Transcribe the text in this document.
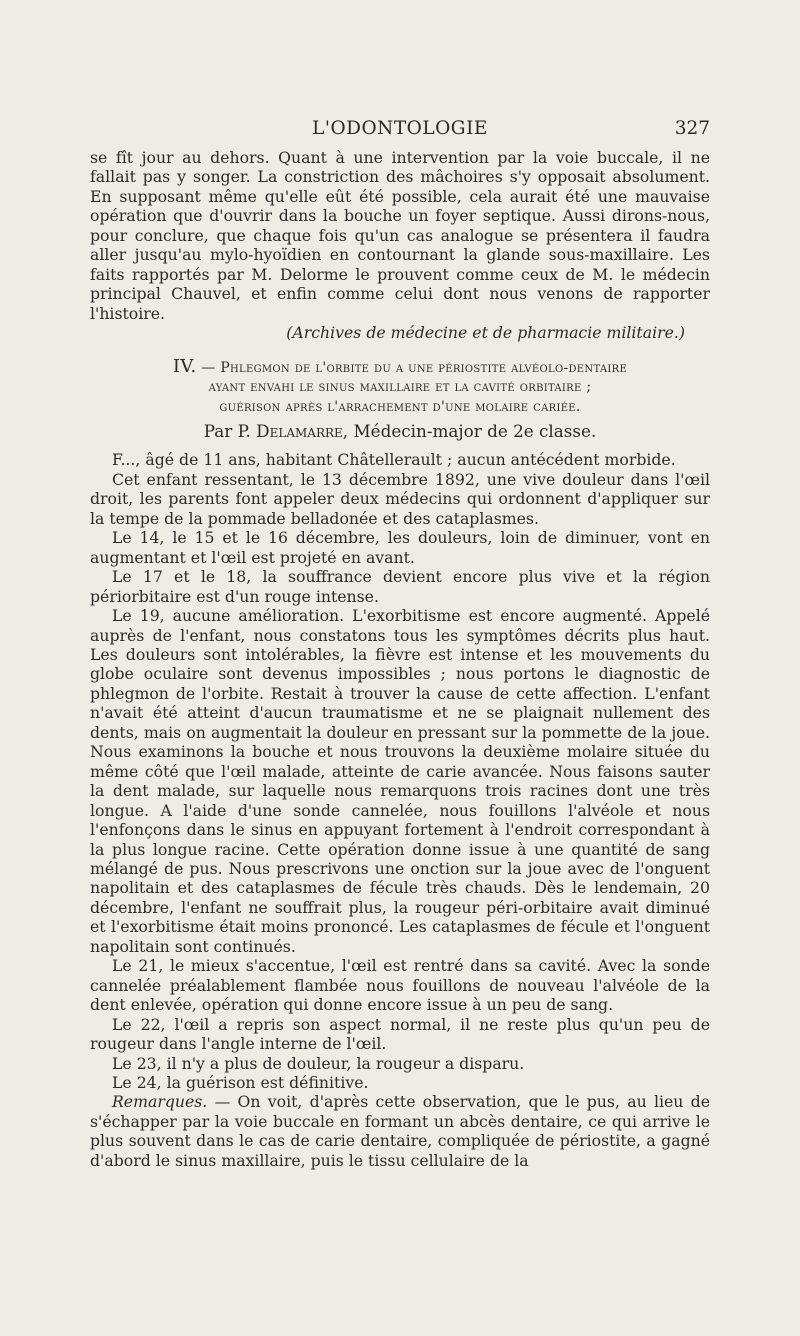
L'ODONTOLOGIE	327

se fît jour au dehors. Quant à une intervention par la voie buccale, il ne fallait pas y songer. La constriction des mâchoires s'y opposait absolument. En supposant même qu'elle eût été possible, cela aurait été une mauvaise opération que d'ouvrir dans la bouche un foyer septique. Aussi dirons-nous, pour conclure, que chaque fois qu'un cas analogue se présentera il faudra aller jusqu'au mylo-hyoïdien en contournant la glande sous-maxillaire. Les faits rapportés par M. Delorme le prouvent comme ceux de M. le médecin principal Chauvel, et enfin comme celui dont nous venons de rapporter l'histoire.

(Archives de médecine et de pharmacie militaire.)

IV. — Phlegmon de l'orbite du a une périostite alvéolo-dentaire
ayant envahi le sinus maxillaire et la cavité orbitaire ;
guérison après l'arrachement d'une molaire cariée.
Par P. Delamarre, Médecin-major de 2e classe.

F..., âgé de 11 ans, habitant Châtellerault ; aucun antécédent morbide.

Cet enfant ressentant, le 13 décembre 1892, une vive douleur dans l'œil droit, les parents font appeler deux médecins qui ordonnent d'appliquer sur la tempe de la pommade belladonée et des cataplasmes.

Le 14, le 15 et le 16 décembre, les douleurs, loin de diminuer, vont en augmentant et l'œil est projeté en avant.

Le 17 et le 18, la souffrance devient encore plus vive et la région périorbitaire est d'un rouge intense.

Le 19, aucune amélioration. L'exorbitisme est encore augmenté. Appelé auprès de l'enfant, nous constatons tous les symptômes décrits plus haut. Les douleurs sont intolérables, la fièvre est intense et les mouvements du globe oculaire sont devenus impossibles ; nous portons le diagnostic de phlegmon de l'orbite. Restait à trouver la cause de cette affection. L'enfant n'avait été atteint d'aucun traumatisme et ne se plaignait nullement des dents, mais on augmentait la douleur en pressant sur la pommette de la joue. Nous examinons la bouche et nous trouvons la deuxième molaire située du même côté que l'œil malade, atteinte de carie avancée. Nous faisons sauter la dent malade, sur laquelle nous remarquons trois racines dont une très longue. A l'aide d'une sonde cannelée, nous fouillons l'alvéole et nous l'enfonçons dans le sinus en appuyant fortement à l'endroit correspondant à la plus longue racine. Cette opération donne issue à une quantité de sang mélangé de pus. Nous prescrivons une onction sur la joue avec de l'onguent napolitain et des cataplasmes de fécule très chauds. Dès le lendemain, 20 décembre, l'enfant ne souffrait plus, la rougeur péri-orbitaire avait diminué et l'exorbitisme était moins prononcé. Les cataplasmes de fécule et l'onguent napolitain sont continués.

Le 21, le mieux s'accentue, l'œil est rentré dans sa cavité. Avec la sonde cannelée préalablement flambée nous fouillons de nouveau l'alvéole de la dent enlevée, opération qui donne encore issue à un peu de sang.

Le 22, l'œil a repris son aspect normal, il ne reste plus qu'un peu de rougeur dans l'angle interne de l'œil.

Le 23, il n'y a plus de douleur, la rougeur a disparu.

Le 24, la guérison est définitive.

Remarques. — On voit, d'après cette observation, que le pus, au lieu de s'échapper par la voie buccale en formant un abcès dentaire, ce qui arrive le plus souvent dans le cas de carie dentaire, compliquée de périostite, a gagné d'abord le sinus maxillaire, puis le tissu cellulaire de la
